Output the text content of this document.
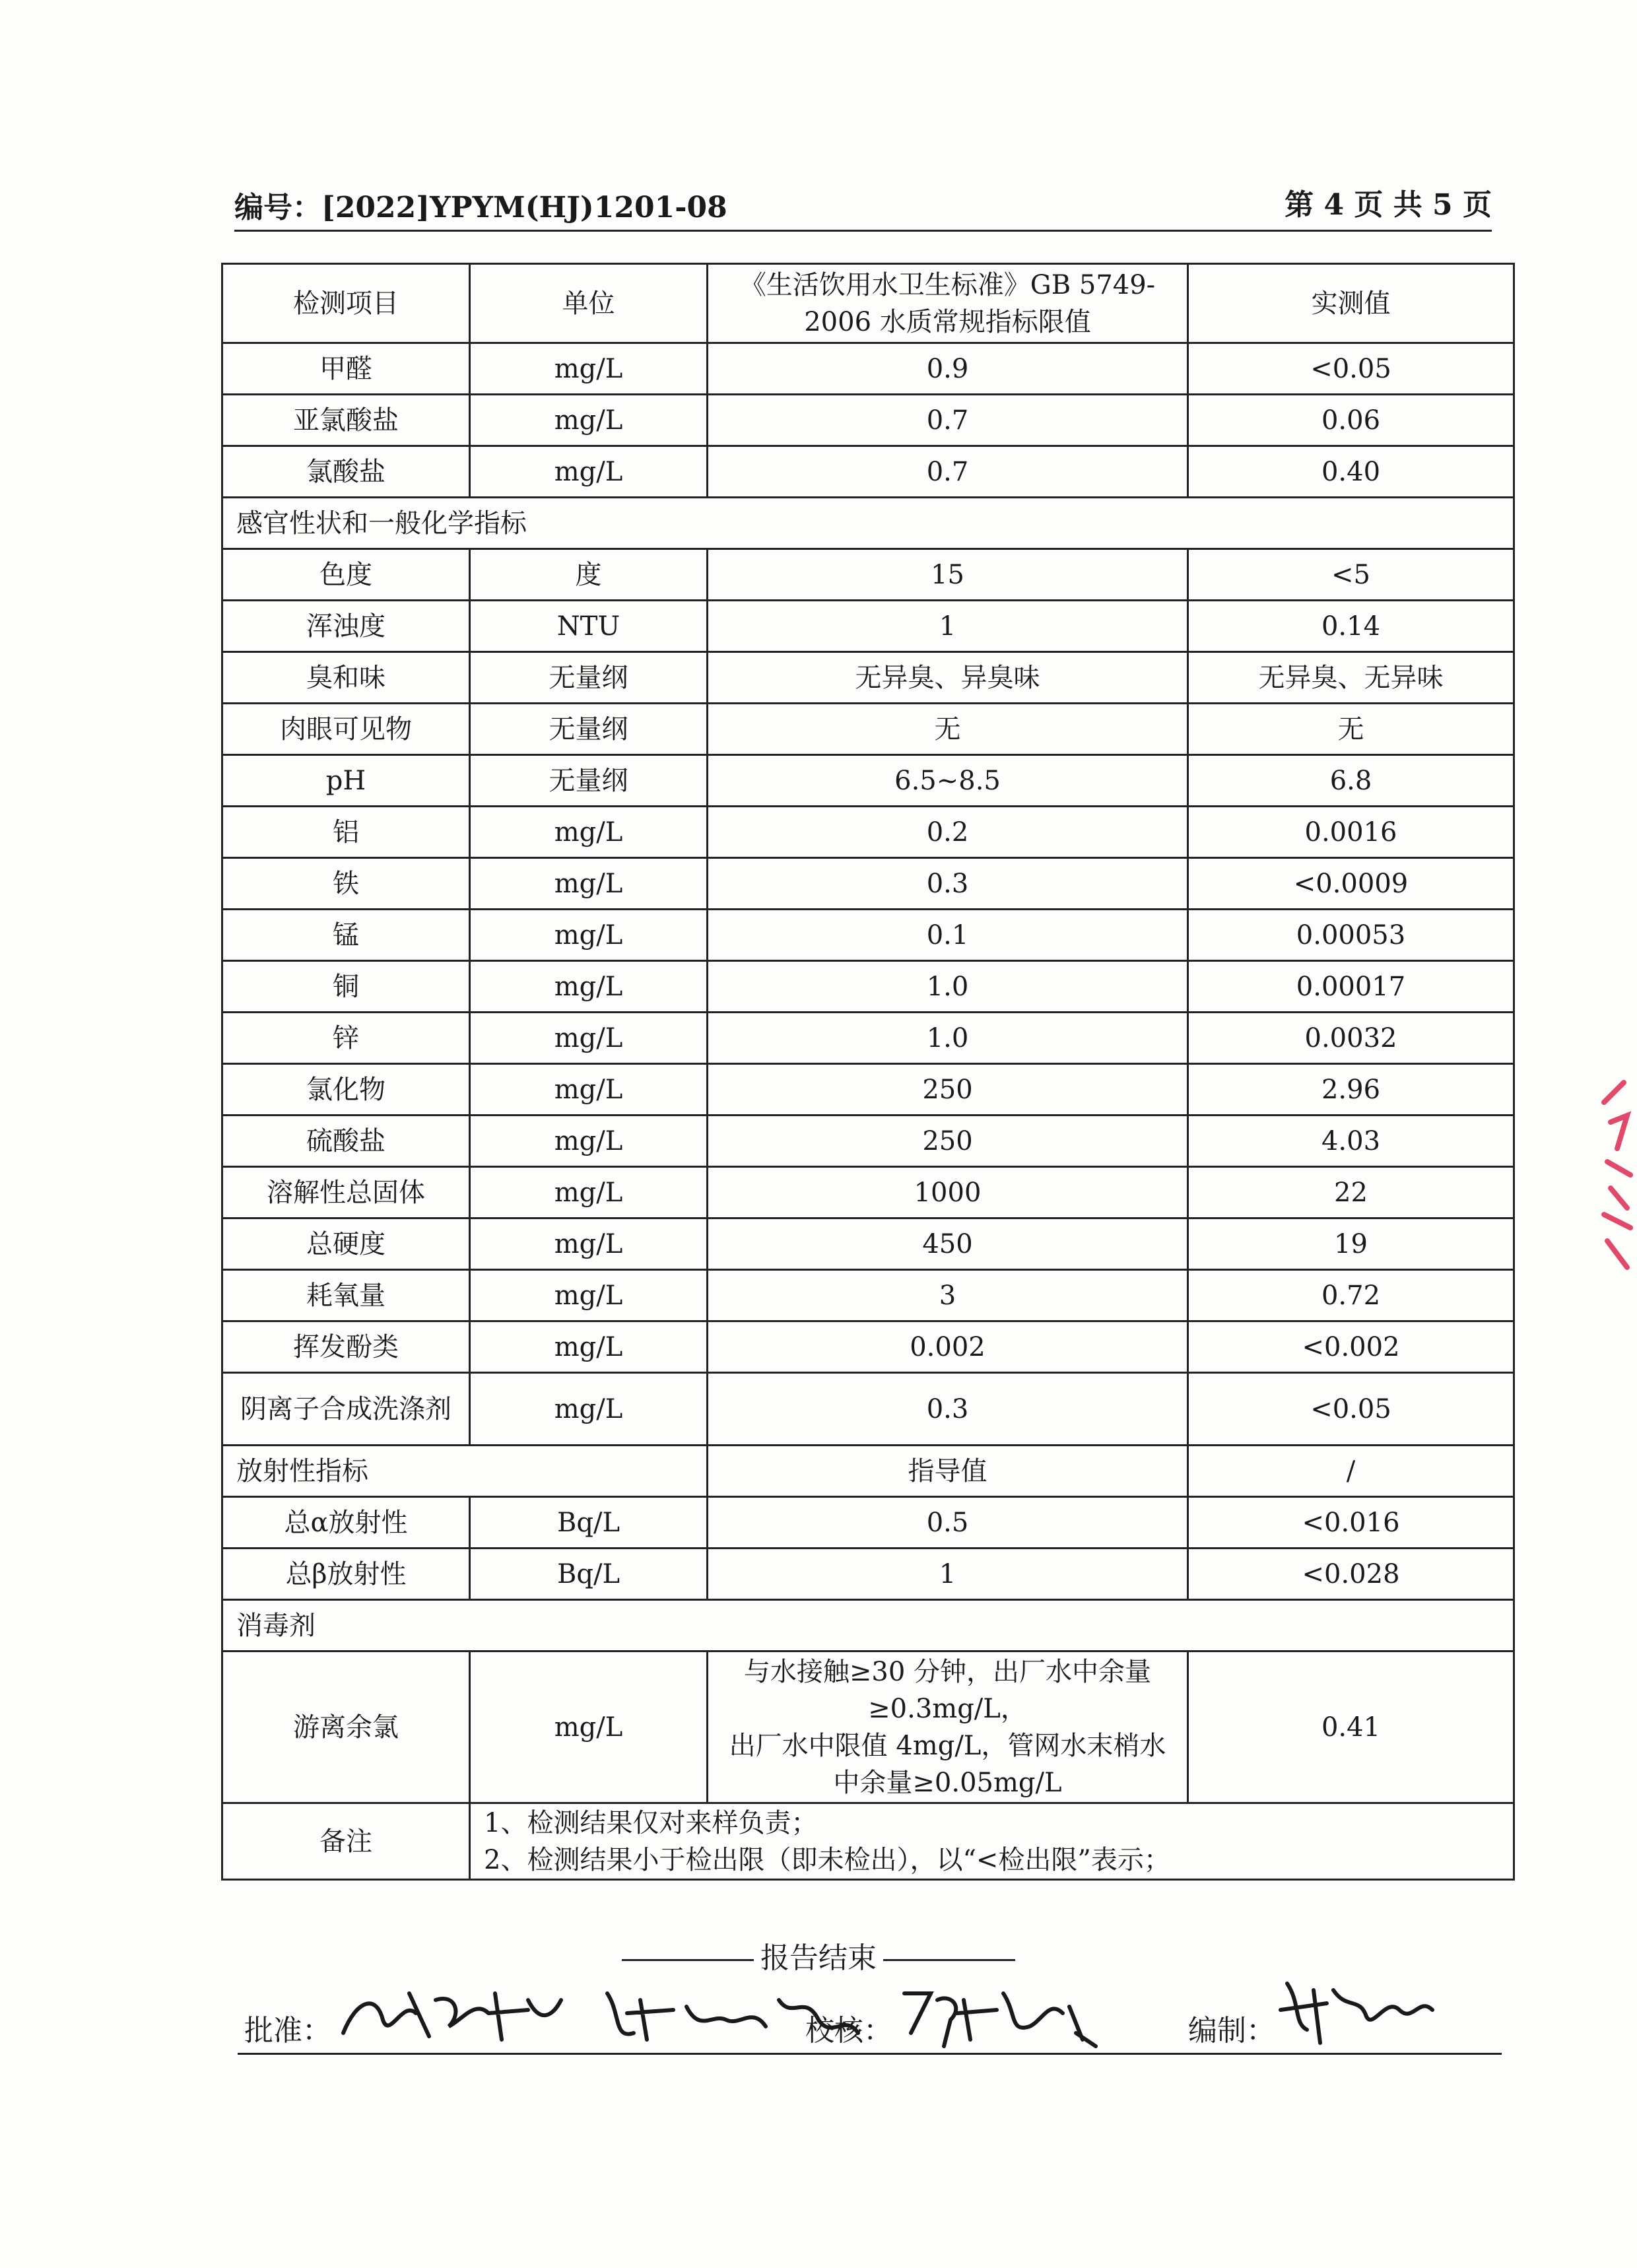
编号：[2022]YPYM(HJ)1201-08	第 4 页 共 5 页
检测项目	单位	《生活饮用水卫生标准》GB 5749-2006 水质常规指标限值	实测值
甲醛	mg/L	0.9	<0.05
亚氯酸盐	mg/L	0.7	0.06
氯酸盐	mg/L	0.7	0.40
感官性状和一般化学指标			
色度	度	15	<5
浑浊度	NTU	1	0.14
臭和味	无量纲	无异臭、异臭味	无异臭、无异味
肉眼可见物	无量纲	无	无
pH	无量纲	6.5~8.5	6.8
铝	mg/L	0.2	0.0016
铁	mg/L	0.3	<0.0009
锰	mg/L	0.1	0.00053
铜	mg/L	1.0	0.00017
锌	mg/L	1.0	0.0032
氯化物	mg/L	250	2.96
硫酸盐	mg/L	250	4.03
溶解性总固体	mg/L	1000	22
总硬度	mg/L	450	19
耗氧量	mg/L	3	0.72
挥发酚类	mg/L	0.002	<0.002
阴离子合成洗涤剂	mg/L	0.3	<0.05
放射性指标		指导值	/
总α放射性	Bq/L	0.5	<0.016
总β放射性	Bq/L	1	<0.028
消毒剂			
游离余氯	mg/L	与水接触≥30 分钟，出厂水中余量
≥0.3mg/L，
出厂水中限值 4mg/L，管网水末梢水
中余量≥0.05mg/L	0.41
备注	1、检测结果仅对来样负责；
2、检测结果小于检出限（即未检出），以“<检出限”表示；		
报告结束
批准：	校核：	编制：
